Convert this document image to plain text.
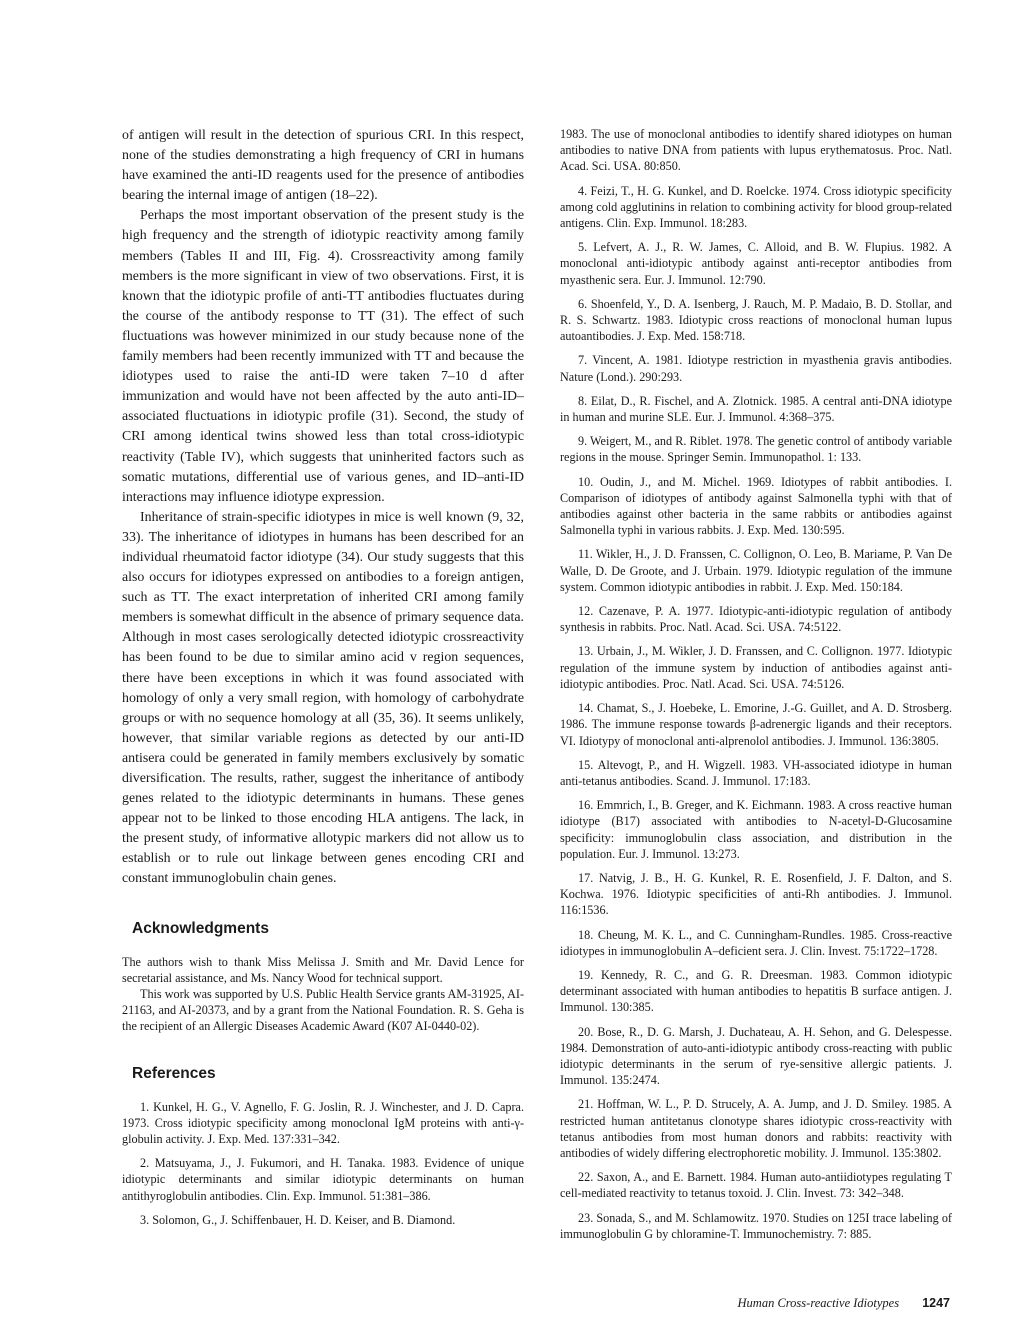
of antigen will result in the detection of spurious CRI. In this respect, none of the studies demonstrating a high frequency of CRI in humans have examined the anti-ID reagents used for the presence of antibodies bearing the internal image of antigen (18–22).

Perhaps the most important observation of the present study is the high frequency and the strength of idiotypic reactivity among family members (Tables II and III, Fig. 4). Crossreactivity among family members is the more significant in view of two observations. First, it is known that the idiotypic profile of anti-TT antibodies fluctuates during the course of the antibody response to TT (31). The effect of such fluctuations was however minimized in our study because none of the family members had been recently immunized with TT and because the idiotypes used to raise the anti-ID were taken 7–10 d after immunization and would have not been affected by the auto anti-ID–associated fluctuations in idiotypic profile (31). Second, the study of CRI among identical twins showed less than total cross-idiotypic reactivity (Table IV), which suggests that uninherited factors such as somatic mutations, differential use of various genes, and ID–anti-ID interactions may influence idiotype expression.

Inheritance of strain-specific idiotypes in mice is well known (9, 32, 33). The inheritance of idiotypes in humans has been described for an individual rheumatoid factor idiotype (34). Our study suggests that this also occurs for idiotypes expressed on antibodies to a foreign antigen, such as TT. The exact interpretation of inherited CRI among family members is somewhat difficult in the absence of primary sequence data. Although in most cases serologically detected idiotypic crossreactivity has been found to be due to similar amino acid v region sequences, there have been exceptions in which it was found associated with homology of only a very small region, with homology of carbohydrate groups or with no sequence homology at all (35, 36). It seems unlikely, however, that similar variable regions as detected by our anti-ID antisera could be generated in family members exclusively by somatic diversification. The results, rather, suggest the inheritance of antibody genes related to the idiotypic determinants in humans. These genes appear not to be linked to those encoding HLA antigens. The lack, in the present study, of informative allotypic markers did not allow us to establish or to rule out linkage between genes encoding CRI and constant immunoglobulin chain genes.

Acknowledgments

The authors wish to thank Miss Melissa J. Smith and Mr. David Lence for secretarial assistance, and Ms. Nancy Wood for technical support.

This work was supported by U.S. Public Health Service grants AM-31925, AI-21163, and AI-20373, and by a grant from the National Foundation. R. S. Geha is the recipient of an Allergic Diseases Academic Award (K07 AI-0440-02).

References

1. Kunkel, H. G., V. Agnello, F. G. Joslin, R. J. Winchester, and J. D. Capra. 1973. Cross idiotypic specificity among monoclonal IgM proteins with anti-γ-globulin activity. J. Exp. Med. 137:331–342.

2. Matsuyama, J., J. Fukumori, and H. Tanaka. 1983. Evidence of unique idiotypic determinants and similar idiotypic determinants on human antithyroglobulin antibodies. Clin. Exp. Immunol. 51:381–386.

3. Solomon, G., J. Schiffenbauer, H. D. Keiser, and B. Diamond.

1983. The use of monoclonal antibodies to identify shared idiotypes on human antibodies to native DNA from patients with lupus erythematosus. Proc. Natl. Acad. Sci. USA. 80:850.

4. Feizi, T., H. G. Kunkel, and D. Roelcke. 1974. Cross idiotypic specificity among cold agglutinins in relation to combining activity for blood group-related antigens. Clin. Exp. Immunol. 18:283.

5. Lefvert, A. J., R. W. James, C. Alloid, and B. W. Flupius. 1982. A monoclonal anti-idiotypic antibody against anti-receptor antibodies from myasthenic sera. Eur. J. Immunol. 12:790.

6. Shoenfeld, Y., D. A. Isenberg, J. Rauch, M. P. Madaio, B. D. Stollar, and R. S. Schwartz. 1983. Idiotypic cross reactions of monoclonal human lupus autoantibodies. J. Exp. Med. 158:718.

7. Vincent, A. 1981. Idiotype restriction in myasthenia gravis antibodies. Nature (Lond.). 290:293.

8. Eilat, D., R. Fischel, and A. Zlotnick. 1985. A central anti-DNA idiotype in human and murine SLE. Eur. J. Immunol. 4:368–375.

9. Weigert, M., and R. Riblet. 1978. The genetic control of antibody variable regions in the mouse. Springer Semin. Immunopathol. 1: 133.

10. Oudin, J., and M. Michel. 1969. Idiotypes of rabbit antibodies. I. Comparison of idiotypes of antibody against Salmonella typhi with that of antibodies against other bacteria in the same rabbits or antibodies against Salmonella typhi in various rabbits. J. Exp. Med. 130:595.

11. Wikler, H., J. D. Franssen, C. Collignon, O. Leo, B. Mariame, P. Van De Walle, D. De Groote, and J. Urbain. 1979. Idiotypic regulation of the immune system. Common idiotypic antibodies in rabbit. J. Exp. Med. 150:184.

12. Cazenave, P. A. 1977. Idiotypic-anti-idiotypic regulation of antibody synthesis in rabbits. Proc. Natl. Acad. Sci. USA. 74:5122.

13. Urbain, J., M. Wikler, J. D. Franssen, and C. Collignon. 1977. Idiotypic regulation of the immune system by induction of antibodies against anti-idiotypic antibodies. Proc. Natl. Acad. Sci. USA. 74:5126.

14. Chamat, S., J. Hoebeke, L. Emorine, J.-G. Guillet, and A. D. Strosberg. 1986. The immune response towards β-adrenergic ligands and their receptors. VI. Idiotypy of monoclonal anti-alprenolol antibodies. J. Immunol. 136:3805.

15. Altevogt, P., and H. Wigzell. 1983. VH-associated idiotype in human anti-tetanus antibodies. Scand. J. Immunol. 17:183.

16. Emmrich, I., B. Greger, and K. Eichmann. 1983. A cross reactive human idiotype (B17) associated with antibodies to N-acetyl-D-Glucosamine specificity: immunoglobulin class association, and distribution in the population. Eur. J. Immunol. 13:273.

17. Natvig, J. B., H. G. Kunkel, R. E. Rosenfield, J. F. Dalton, and S. Kochwa. 1976. Idiotypic specificities of anti-Rh antibodies. J. Immunol. 116:1536.

18. Cheung, M. K. L., and C. Cunningham-Rundles. 1985. Cross-reactive idiotypes in immunoglobulin A–deficient sera. J. Clin. Invest. 75:1722–1728.

19. Kennedy, R. C., and G. R. Dreesman. 1983. Common idiotypic determinant associated with human antibodies to hepatitis B surface antigen. J. Immunol. 130:385.

20. Bose, R., D. G. Marsh, J. Duchateau, A. H. Sehon, and G. Delespesse. 1984. Demonstration of auto-anti-idiotypic antibody cross-reacting with public idiotypic determinants in the serum of rye-sensitive allergic patients. J. Immunol. 135:2474.

21. Hoffman, W. L., P. D. Strucely, A. A. Jump, and J. D. Smiley. 1985. A restricted human antitetanus clonotype shares idiotypic cross-reactivity with tetanus antibodies from most human donors and rabbits: reactivity with antibodies of widely differing electrophoretic mobility. J. Immunol. 135:3802.

22. Saxon, A., and E. Barnett. 1984. Human auto-antiidiotypes regulating T cell-mediated reactivity to tetanus toxoid. J. Clin. Invest. 73: 342–348.

23. Sonada, S., and M. Schlamowitz. 1970. Studies on 125I trace labeling of immunoglobulin G by chloramine-T. Immunochemistry. 7: 885.

Human Cross-reactive Idiotypes 1247
